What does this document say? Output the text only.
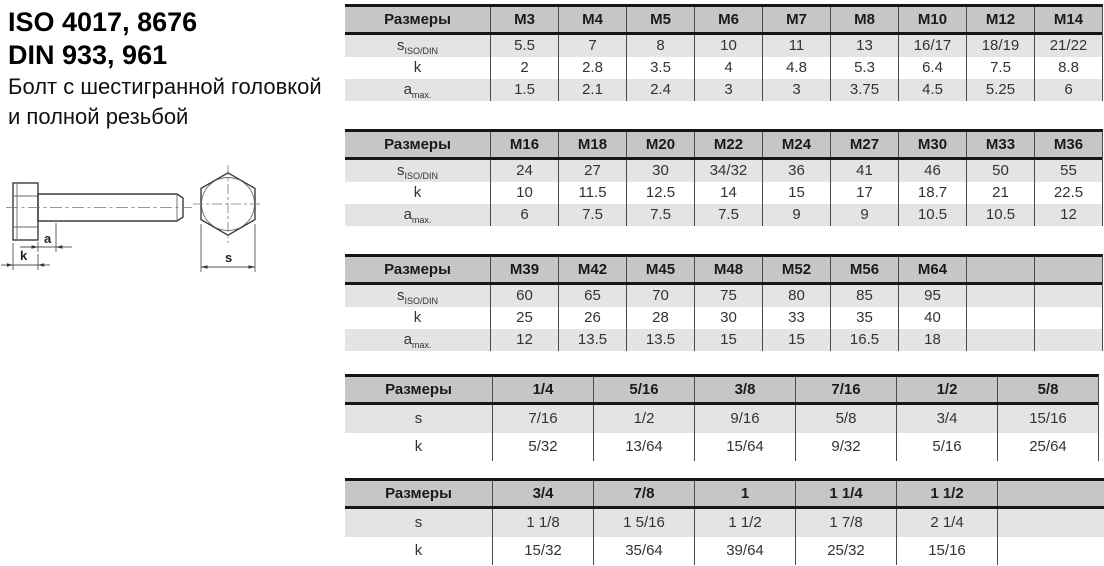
ISO 4017, 8676
DIN 933, 961
Болт с шестигранной головкой
и полной резьбой
a
k	s
Размеры	M3	M4	M5	M6	M7	M8	M10	M12	M14
$s_{ISO/DIN}$	5.5	7	8	10	11	13	16/17	18/19	21/22
k	2	2.8	3.5	4	4.8	5.3	6.4	7.5	8.8
$a_{max.}$	1.5	2.1	2.4	3	3	3.75	4.5	5.25	6
Размеры	M16	M18	M20	M22	M24	M27	M30	M33	M36
$s_{ISO/DIN}$	24	27	30	34/32	36	41	46	50	55
k	10	11.5	12.5	14	15	17	18.7	21	22.5
$a_{max.}$	6	7.5	7.5	7.5	9	9	10.5	10.5	12
Размеры	M39	M42	M45	M48	M52	M56	M64
$s_{ISO/DIN}$	60	65	70	75	80	85	95
k	25	26	28	30	33	35	40
$a_{max.}$	12	13.5	13.5	15	15	16.5	18
Размеры	1/4	5/16	3/8	7/16	1/2	5/8
s	7/16	1/2	9/16	5/8	3/4	15/16
k	5/32	13/64	15/64	9/32	5/16	25/64
Размеры	3/4	7/8	1	1 1/4	1 1/2
s	1 1/8	1 5/16	1 1/2	1 7/8	2 1/4
k	15/32	35/64	39/64	25/32	15/16
